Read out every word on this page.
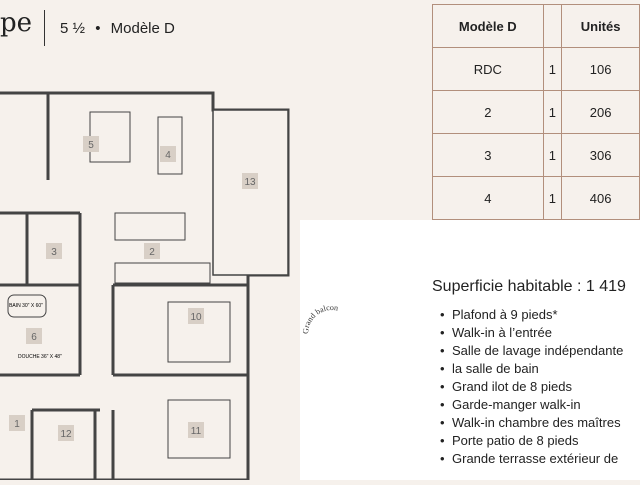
pe 5 ½ • Modèle D
5
4
13
3	2
10
6
11
1
12
BAIN 30" X 60"
DOUCHE 36" X 48"
Modèle D		Unités
RDC	1	106
2	1	206
3	1	306
4	1	406
Grand balcon
Superficie habitable : 1 419
• Plafond à 9 pieds*
• Walk-in à l’entrée
• Salle de lavage indépendante
• la salle de bain
• Grand ilot de 8 pieds
• Garde-manger walk-in
• Walk-in chambre des maîtres
• Porte patio de 8 pieds
• Grande terrasse extérieur de
